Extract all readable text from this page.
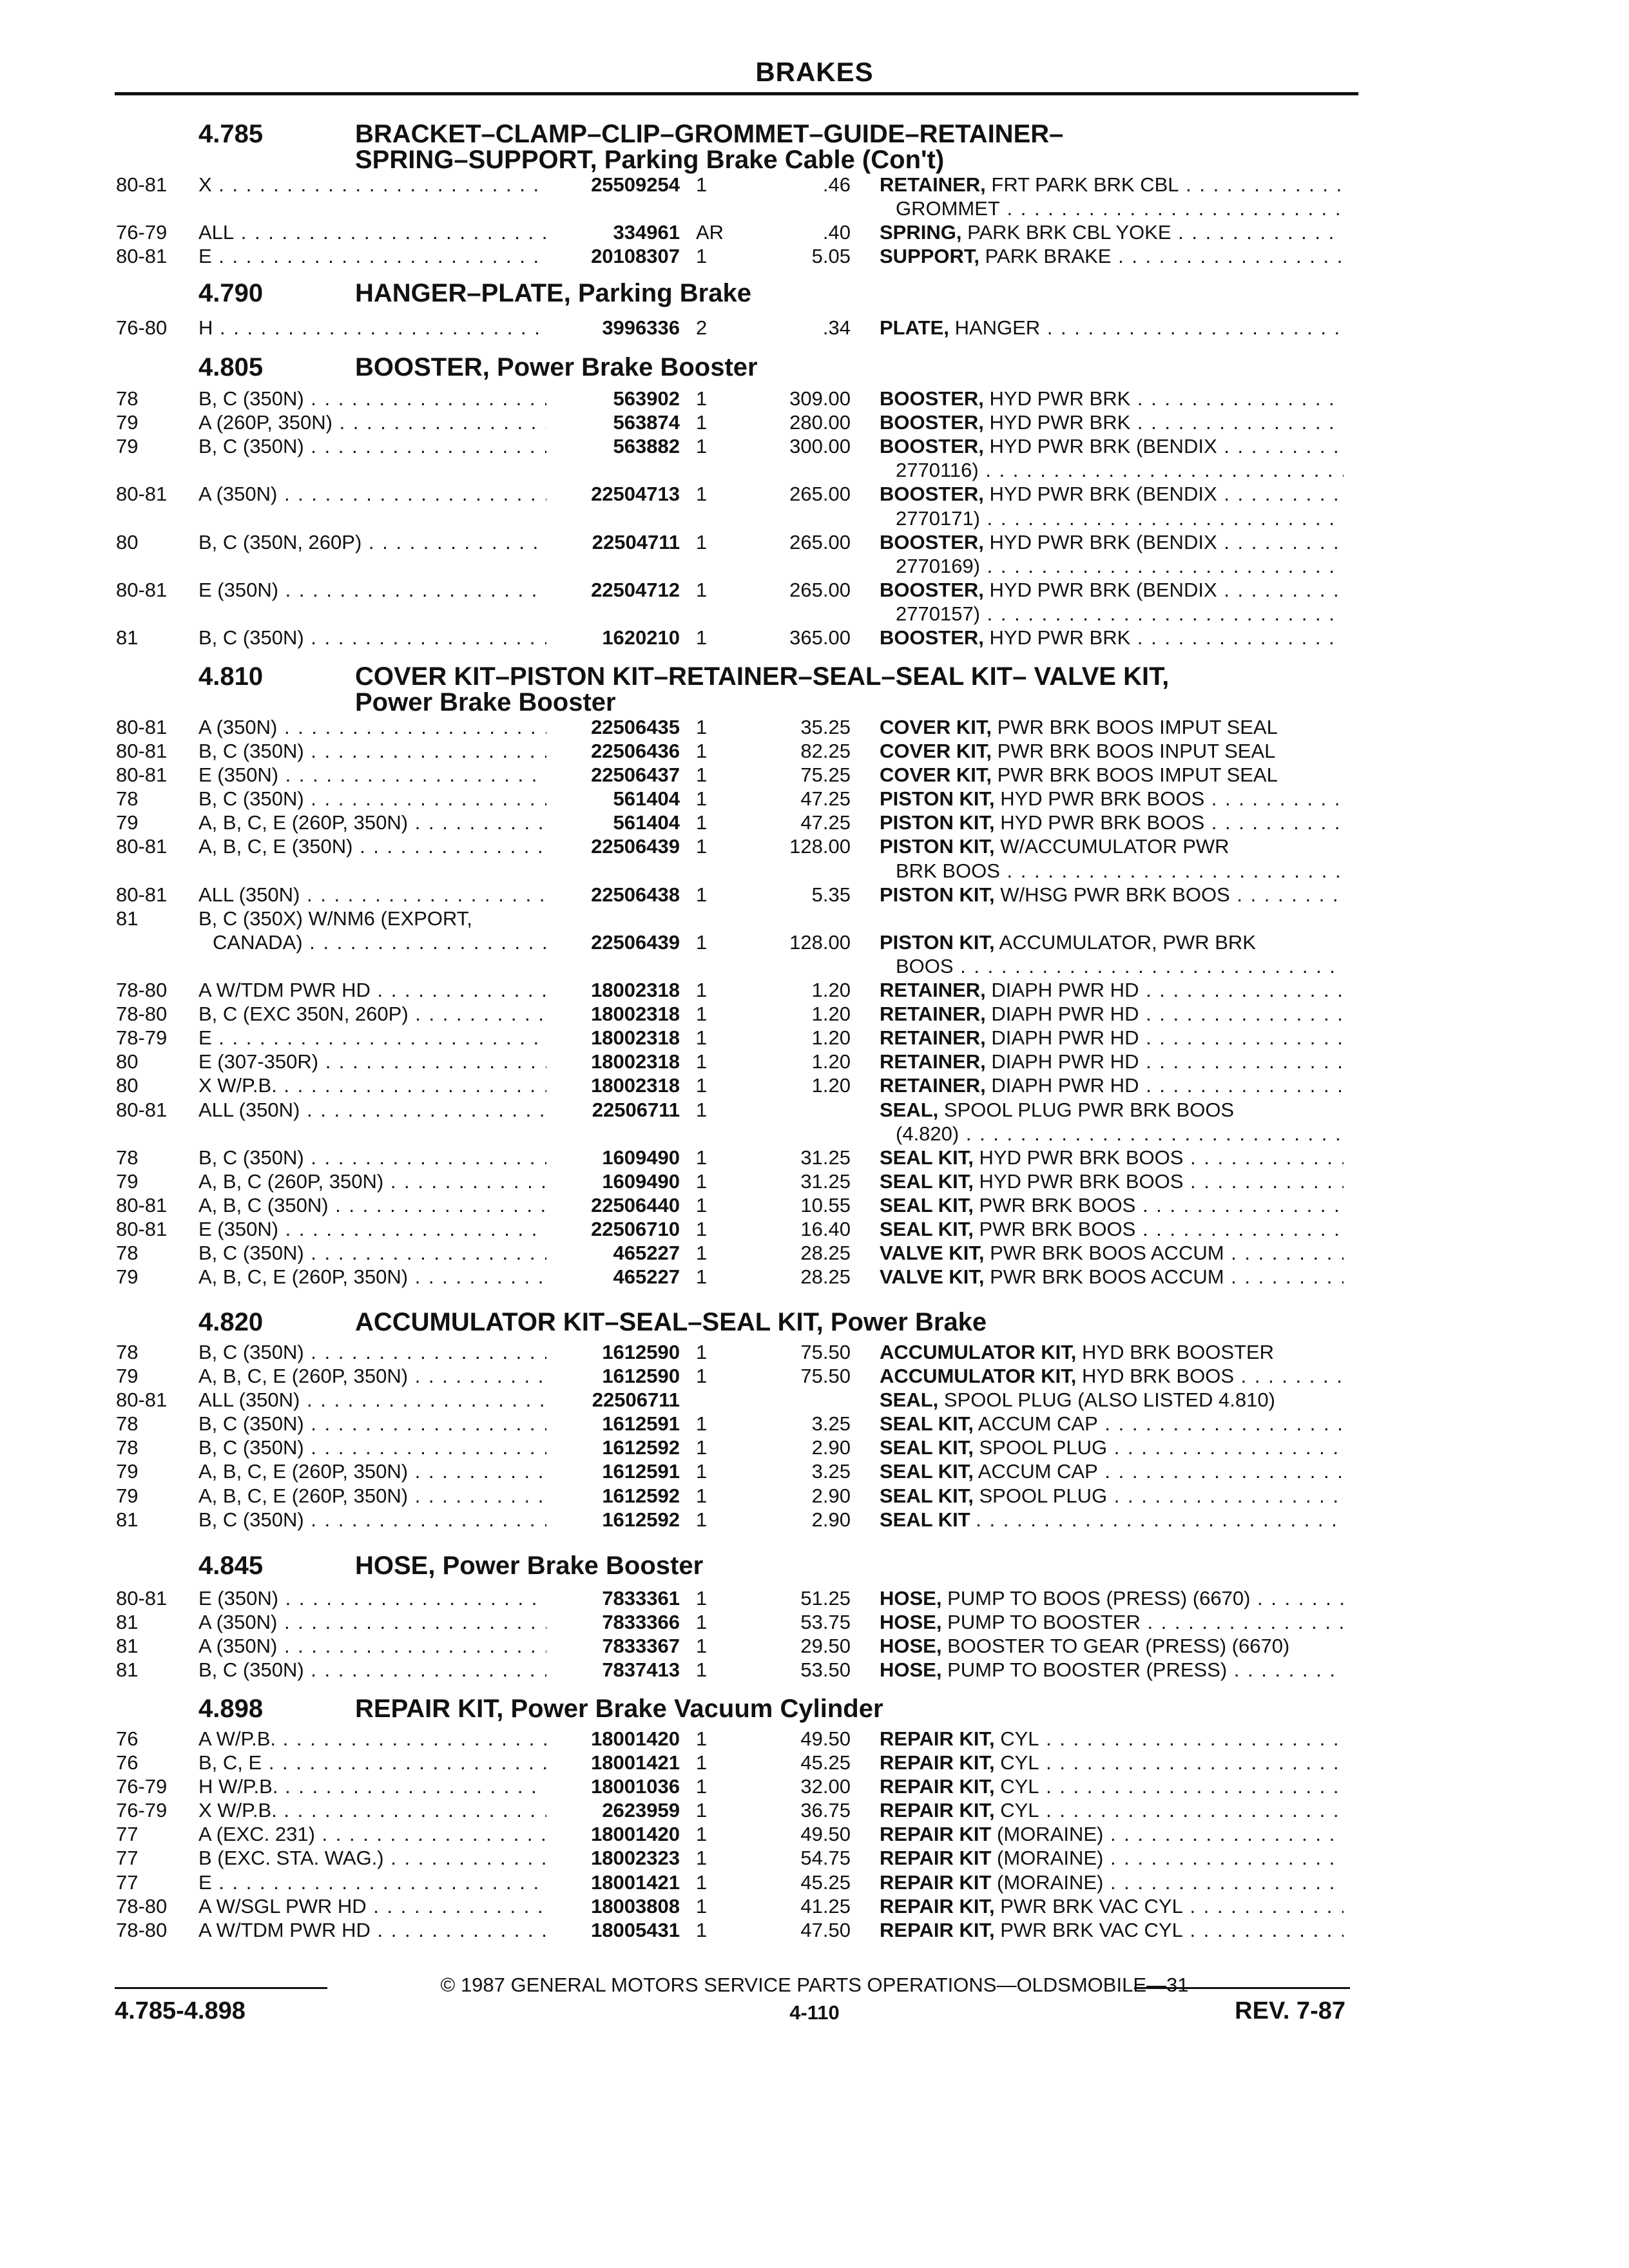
BRAKES
4.785	BRACKET–CLAMP–CLIP–GROMMET–GUIDE–RETAINER–
SPRING–SUPPORT, Parking Brake Cable (Con't)
80-81 X . . .	25509254 1	.46 RETAINER, FRT PARK BRK CBL . . .
GROMMET . . .
76-79 ALL . . .	334961 AR	.40 SPRING, PARK BRK CBL YOKE . . .
80-81 E . . .	20108307 1	5.05 SUPPORT, PARK BRAKE . . .
4.790	HANGER–PLATE, Parking Brake
76-80 H . . .	3996336 2	.34 PLATE, HANGER . . .
4.805	BOOSTER, Power Brake Booster
78	B, C (350N) . . .	563902 1	309.00 BOOSTER, HYD PWR BRK . . .
79	A (260P, 350N) . . .	563874 1	280.00 BOOSTER, HYD PWR BRK . . .
79	B, C (350N) . . .	563882 1	300.00 BOOSTER, HYD PWR BRK (BENDIX . . .
2770116) . . .
80-81 A (350N) . . .	22504713 1	265.00 BOOSTER, HYD PWR BRK (BENDIX . . .
2770171) . . .
80	B, C (350N, 260P) . . .	22504711 1	265.00 BOOSTER, HYD PWR BRK (BENDIX . . .
2770169) . . .
80-81 E (350N) . . .	22504712 1	265.00 BOOSTER, HYD PWR BRK (BENDIX . . .
2770157) . . .
81	B, C (350N) . . .	1620210 1	365.00 BOOSTER, HYD PWR BRK . . .
4.810	COVER KIT–PISTON KIT–RETAINER–SEAL–SEAL KIT– VALVE KIT,
Power Brake Booster
80-81 A (350N) . . .	22506435 1	35.25 COVER KIT, PWR BRK BOOS IMPUT SEAL
80-81 B, C (350N) . . .	22506436 1	82.25 COVER KIT, PWR BRK BOOS INPUT SEAL
80-81 E (350N) . . .	22506437 1	75.25 COVER KIT, PWR BRK BOOS IMPUT SEAL
78	B, C (350N) . . .	561404 1	47.25 PISTON KIT, HYD PWR BRK BOOS . . .
79	A, B, C, E (260P, 350N) . . .	561404 1	47.25 PISTON KIT, HYD PWR BRK BOOS . . .
80-81 A, B, C, E (350N) . . .	22506439 1	128.00 PISTON KIT, W/ACCUMULATOR PWR
BRK BOOS . . .
80-81 ALL (350N) . . .	22506438 1	5.35 PISTON KIT, W/HSG PWR BRK BOOS . . .
81	B, C (350X) W/NM6 (EXPORT,
CANADA) . . .	22506439 1	128.00 PISTON KIT, ACCUMULATOR, PWR BRK
BOOS . . .
78-80 A W/TDM PWR HD . . .	18002318 1	1.20 RETAINER, DIAPH PWR HD . . .
78-80 B, C (EXC 350N, 260P) . . .	18002318 1	1.20 RETAINER, DIAPH PWR HD . . .
78-79 E . . .	18002318 1	1.20 RETAINER, DIAPH PWR HD . . .
80	E (307-350R) . . .	18002318 1	1.20 RETAINER, DIAPH PWR HD . . .
80	X W/P.B. . . .	18002318 1	1.20 RETAINER, DIAPH PWR HD . . .
80-81 ALL (350N) . . .	22506711 1	SEAL, SPOOL PLUG PWR BRK BOOS
(4.820) . . .
78	B, C (350N) . . .	1609490 1	31.25 SEAL KIT, HYD PWR BRK BOOS . . .
79	A, B, C (260P, 350N) . . .	1609490 1	31.25 SEAL KIT, HYD PWR BRK BOOS . . .
80-81 A, B, C (350N) . . .	22506440 1	10.55 SEAL KIT, PWR BRK BOOS . . .
80-81 E (350N) . . .	22506710 1	16.40 SEAL KIT, PWR BRK BOOS . . .
78	B, C (350N) . . .	465227 1	28.25 VALVE KIT, PWR BRK BOOS ACCUM . . .
79	A, B, C, E (260P, 350N) . . .	465227 1	28.25 VALVE KIT, PWR BRK BOOS ACCUM . . .
4.820	ACCUMULATOR KIT–SEAL–SEAL KIT, Power Brake
78	B, C (350N) . . .	1612590 1	75.50 ACCUMULATOR KIT, HYD BRK BOOSTER
79	A, B, C, E (260P, 350N) . . .	1612590 1	75.50 ACCUMULATOR KIT, HYD BRK BOOS . . .
80-81 ALL (350N) . . .	22506711	SEAL, SPOOL PLUG (ALSO LISTED 4.810)
78	B, C (350N) . . .	1612591 1	3.25 SEAL KIT, ACCUM CAP . . .
78	B, C (350N) . . .	1612592 1	2.90 SEAL KIT, SPOOL PLUG . . .
79	A, B, C, E (260P, 350N) . . .	1612591 1	3.25 SEAL KIT, ACCUM CAP . . .
79	A, B, C, E (260P, 350N) . . .	1612592 1	2.90 SEAL KIT, SPOOL PLUG . . .
81	B, C (350N) . . .	1612592 1	2.90 SEAL KIT . . .
4.845	HOSE, Power Brake Booster
80-81 E (350N) . . .	7833361 1	51.25 HOSE, PUMP TO BOOS (PRESS) (6670) . . .
81	A (350N) . . .	7833366 1	53.75 HOSE, PUMP TO BOOSTER . . .
81	A (350N) . . .	7833367 1	29.50 HOSE, BOOSTER TO GEAR (PRESS) (6670)
81	B, C (350N) . . .	7837413 1	53.50 HOSE, PUMP TO BOOSTER (PRESS) . . .
4.898	REPAIR KIT, Power Brake Vacuum Cylinder
76	A W/P.B. . . .	18001420 1	49.50 REPAIR KIT, CYL . . .
76	B, C, E . . .	18001421 1	45.25 REPAIR KIT, CYL . . .
76-79 H W/P.B. . . .	18001036 1	32.00 REPAIR KIT, CYL . . .
76-79 X W/P.B. . . .	2623959 1	36.75 REPAIR KIT, CYL . . .
77	A (EXC. 231) . . .	18001420 1	49.50 REPAIR KIT (MORAINE) . . .
77	B (EXC. STA. WAG.) . . .	18002323 1	54.75 REPAIR KIT (MORAINE) . . .
77	E . . .	18001421 1	45.25 REPAIR KIT (MORAINE) . . .
78-80 A W/SGL PWR HD . . .	18003808 1	41.25 REPAIR KIT, PWR BRK VAC CYL . . .
78-80 A W/TDM PWR HD . . .	18005431 1	47.50 REPAIR KIT, PWR BRK VAC CYL . . .
© 1987 GENERAL MOTORS SERVICE PARTS OPERATIONS—OLDSMOBILE—31
4.785-4.898	4-110	REV. 7-87
